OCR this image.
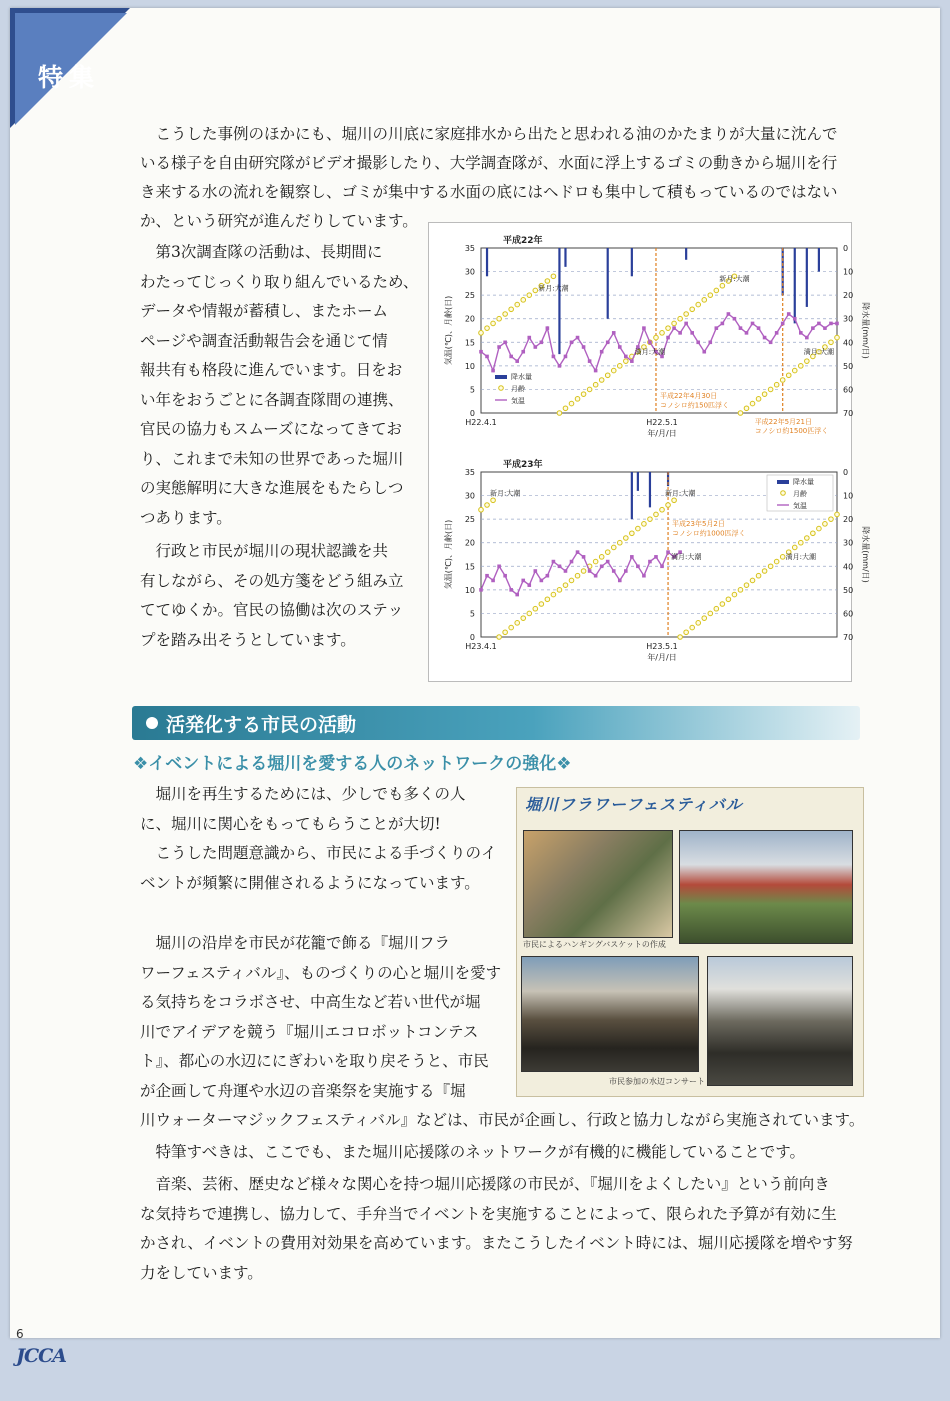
特集
　こうした事例のほかにも、堀川の川底に家庭排水から出たと思われる油のかたまりが大量に沈んで
いる様子を自由研究隊がビデオ撮影したり、大学調査隊が、水面に浮上するゴミの動きから堀川を行
き来する水の流れを観察し、ゴミが集中する水面の底にはヘドロも集中して積もっているのではない
か、という研究が進んだりしています。
　第3次調査隊の活動は、長期間に
わたってじっくり取り組んでいるため、
データや情報が蓄積し、またホーム
ページや調査活動報告会を通じて情
報共有も格段に進んでいます。日をお
い年をおうごとに各調査隊間の連携、
官民の協力もスムーズになってきてお
り、これまで未知の世界であった堀川
の実態解明に大きな進展をもたらしつ
つあります。
　行政と市民が堀川の現状認識を共
有しながら、その処方箋をどう組み立
ててゆくか。官民の協働は次のステッ
プを踏み出そうとしています。
0
5
10
15
20
25
30
35	0
10
20
30
40
50
60
70
気温(℃)、月齢(日)	降水量(mm/日)
平成22年
H22.4.1	H22.5.1
年/月/日
新月:大潮
新月:大潮
満月:大潮	満月:大潮
平成22年4月30日
コノシロ約150匹浮く
平成22年5月21日
コノシロ約1500匹浮く
降水量
月齢
気温
0
5
10
15
20
25
30
35	0
10
20
30
40
50
60
70
気温(℃)、月齢(日)	降水量(mm/日)
平成23年
H23.4.1	H23.5.1
年/月/日
新月:大潮	新月:大潮
満月:大潮	満月:大潮
平成23年5月2日
コノシロ約1000匹浮く
降水量
月齢
気温
活発化する市民の活動
❖イベントによる堀川を愛する人のネットワークの強化❖
　堀川を再生するためには、少しでも多くの人
に、堀川に関心をもってもらうことが大切!
　こうした問題意識から、市民による手づくりのイ
ベントが頻繁に開催されるようになっています。
　堀川の沿岸を市民が花籠で飾る『堀川フラ
ワーフェスティバル』、ものづくりの心と堀川を愛す
る気持ちをコラボさせ、中高生など若い世代が堀
川でアイデアを競う『堀川エコロボットコンテス
ト』、都心の水辺ににぎわいを取り戻そうと、市民
が企画して舟運や水辺の音楽祭を実施する『堀
川ウォーターマジックフェスティバル』などは、市民が企画し、行政と協力しながら実施されています。
　特筆すべきは、ここでも、また堀川応援隊のネットワークが有機的に機能していることです。
　音楽、芸術、歴史など様々な関心を持つ堀川応援隊の市民が、『堀川をよくしたい』という前向き
な気持ちで連携し、協力して、手弁当でイベントを実施することによって、限られた予算が有効に生
かされ、イベントの費用対効果を高めています。またこうしたイベント時には、堀川応援隊を増やす努
力をしています。
堀川フラワーフェスティバル
市民によるハンギングバスケットの作成
市民参加の水辺コンサート
6
JCCA
